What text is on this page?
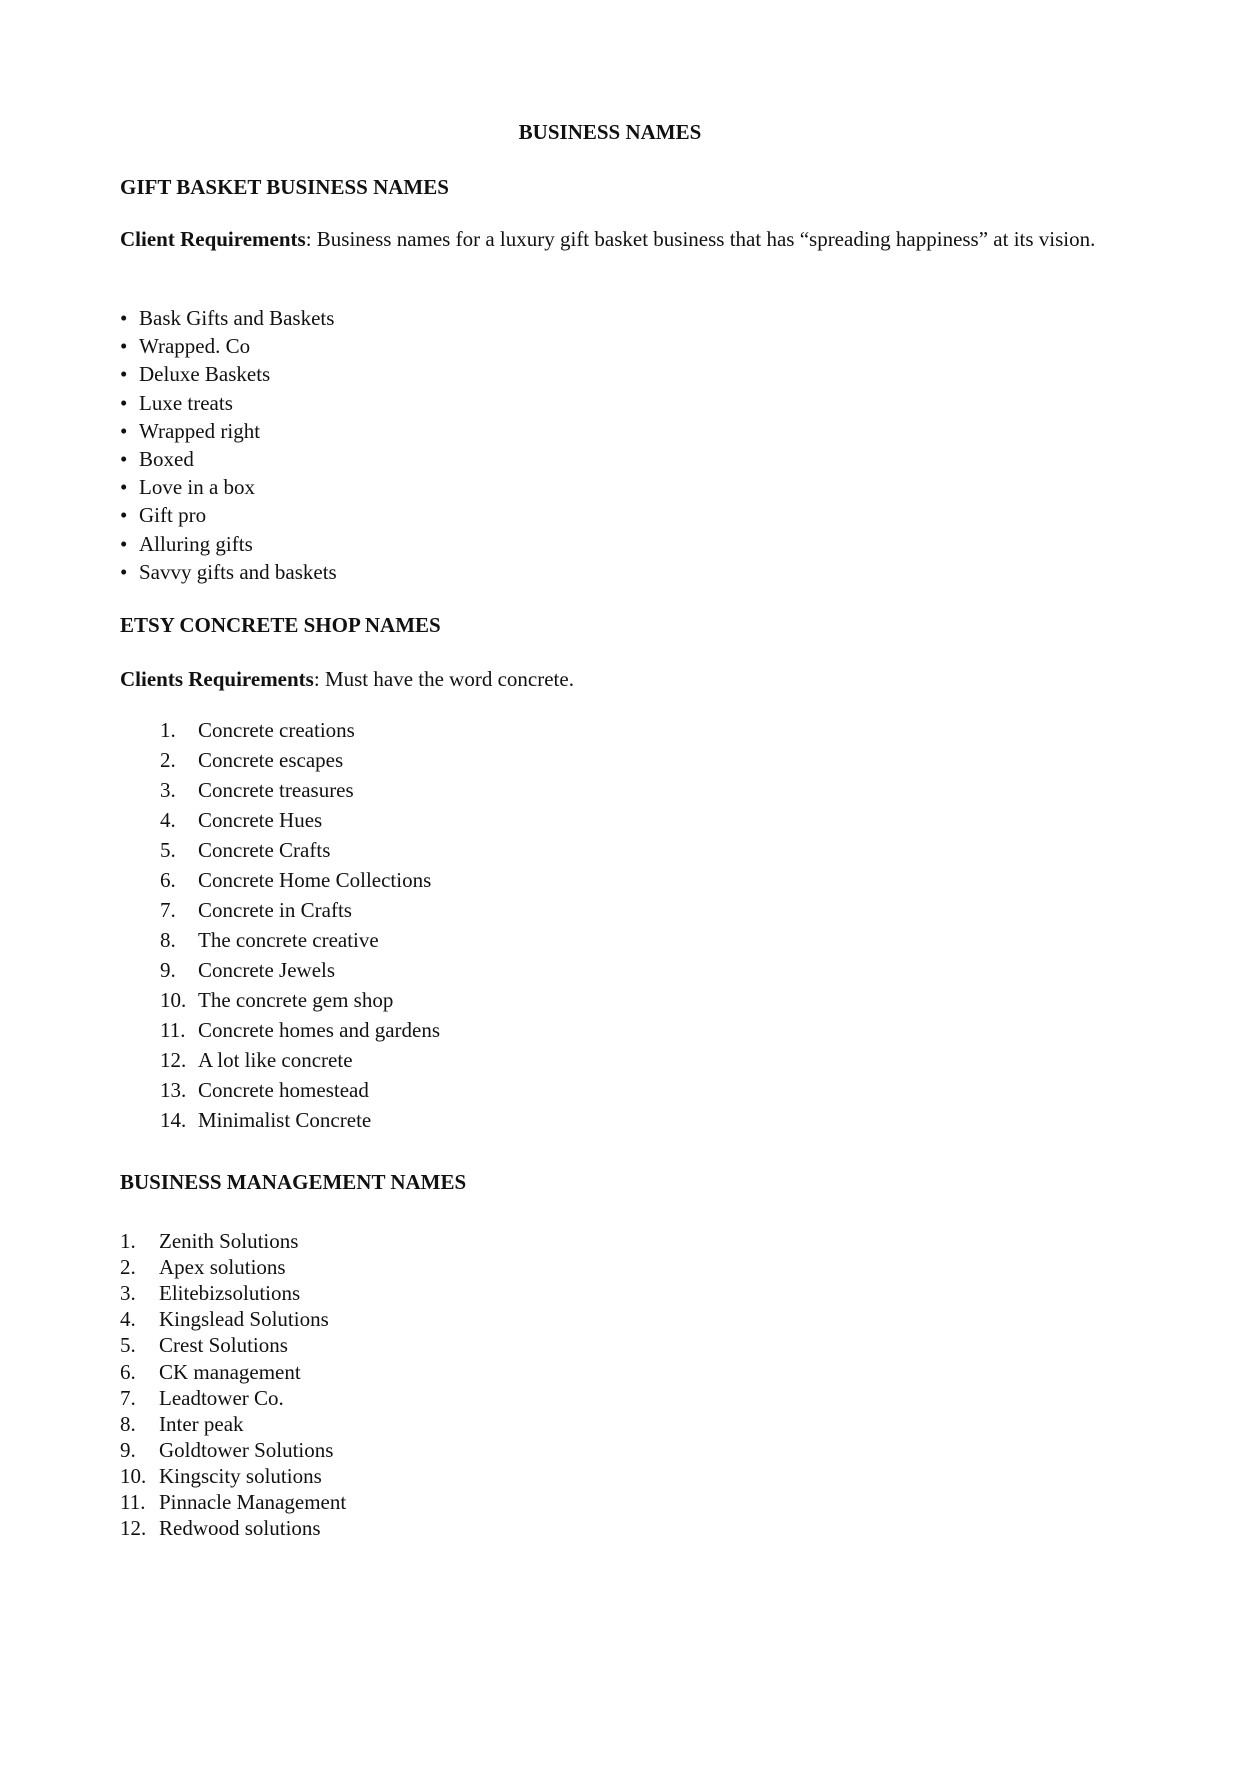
BUSINESS NAMES
GIFT BASKET BUSINESS NAMES
Client Requirements: Business names for a luxury gift basket business that has “spreading happiness” at its vision.
• Bask Gifts and Baskets
• Wrapped. Co
• Deluxe Baskets
• Luxe treats
• Wrapped right
• Boxed
• Love in a box
• Gift pro
• Alluring gifts
• Savvy gifts and baskets
ETSY CONCRETE SHOP NAMES
Clients Requirements: Must have the word concrete.
1.	Concrete creations
2.	Concrete escapes
3.	Concrete treasures
4.	Concrete Hues
5.	Concrete Crafts
6.	Concrete Home Collections
7.	Concrete in Crafts
8.	The concrete creative
9.	Concrete Jewels
10. The concrete gem shop
11. Concrete homes and gardens
12. A lot like concrete
13. Concrete homestead
14. Minimalist Concrete
BUSINESS MANAGEMENT NAMES
1.	Zenith Solutions
2.	Apex solutions
3.	Elitebizsolutions
4.	Kingslead Solutions
5.	Crest Solutions
6.	CK management
7.	Leadtower Co.
8.	Inter peak
9.	Goldtower Solutions
10. Kingscity solutions
11. Pinnacle Management
12. Redwood solutions
